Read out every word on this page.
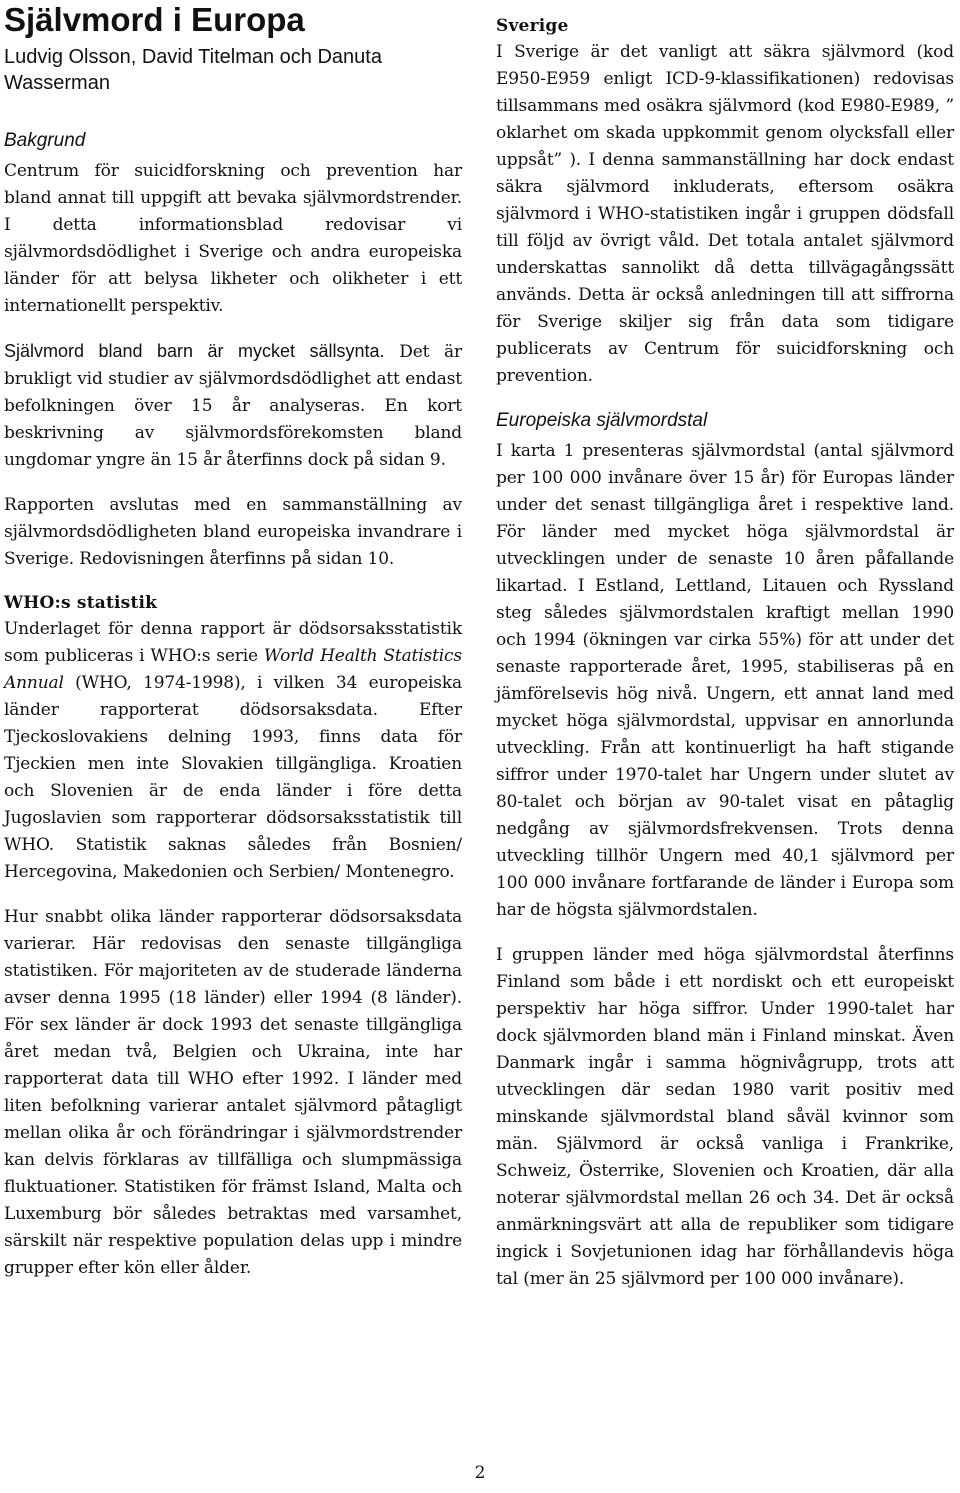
Självmord i Europa
Ludvig Olsson, David Titelman och Danuta Wasserman
Bakgrund

Centrum för suicidforskning och prevention har bland annat till uppgift att bevaka självmordstrender. I detta informationsblad redovisar vi självmordsdödlighet i Sverige och andra europeiska länder för att belysa likheter och olikheter i ett internationellt perspektiv.

Självmord bland barn är mycket sällsynta. Det är brukligt vid studier av självmordsdödlighet att endast befolkningen över 15 år analyseras. En kort beskrivning av självmordsförekomsten bland ungdomar yngre än 15 år återfinns dock på sidan 9.

Rapporten avslutas med en sammanställning av självmordsdödligheten bland europeiska invandrare i Sverige. Redovisningen återfinns på sidan 10.

WHO:s statistik

Underlaget för denna rapport är dödsorsaksstatistik som publiceras i WHO:s serie World Health Statistics Annual (WHO, 1974-1998), i vilken 34 europeiska länder rapporterat dödsorsaksdata. Efter Tjeckoslovakiens delning 1993, finns data för Tjeckien men inte Slovakien tillgängliga. Kroatien och Slovenien är de enda länder i före detta Jugoslavien som rapporterar dödsorsaksstatistik till WHO. Statistik saknas således från Bosnien/ Hercegovina, Makedonien och Serbien/ Montenegro.

Hur snabbt olika länder rapporterar dödsorsaksdata varierar. Här redovisas den senaste tillgängliga statistiken. För majoriteten av de studerade länderna avser denna 1995 (18 länder) eller 1994 (8 länder). För sex länder är dock 1993 det senaste tillgängliga året medan två, Belgien och Ukraina, inte har rapporterat data till WHO efter 1992. I länder med liten befolkning varierar antalet självmord påtagligt mellan olika år och förändringar i självmordstrender kan delvis förklaras av tillfälliga och slumpmässiga fluktuationer. Statistiken för främst Island, Malta och Luxemburg bör således betraktas med varsamhet, särskilt när respektive population delas upp i mindre grupper efter kön eller ålder.

Sverige

I Sverige är det vanligt att säkra självmord (kod E950-E959 enligt ICD-9-klassifikationen) redovisas tillsammans med osäkra självmord (kod E980-E989, ” oklarhet om skada uppkommit genom olycksfall eller uppsåt” ). I denna sammanställning har dock endast säkra självmord inkluderats, eftersom osäkra självmord i WHO-statistiken ingår i gruppen dödsfall till följd av övrigt våld. Det totala antalet självmord underskattas sannolikt då detta tillvägagångssätt används. Detta är också anledningen till att siffrorna för Sverige skiljer sig från data som tidigare publicerats av Centrum för suicidforskning och prevention.

Europeiska självmordstal

I karta 1 presenteras självmordstal (antal självmord per 100 000 invånare över 15 år) för Europas länder under det senast tillgängliga året i respektive land. För länder med mycket höga självmordstal är utvecklingen under de senaste 10 åren påfallande likartad. I Estland, Lettland, Litauen och Ryssland steg således självmordstalen kraftigt mellan 1990 och 1994 (ökningen var cirka 55%) för att under det senaste rapporterade året, 1995, stabiliseras på en jämförelsevis hög nivå. Ungern, ett annat land med mycket höga självmordstal, uppvisar en annorlunda utveckling. Från att kontinuerligt ha haft stigande siffror under 1970-talet har Ungern under slutet av 80-talet och början av 90-talet visat en påtaglig nedgång av självmordsfrekvensen. Trots denna utveckling tillhör Ungern med 40,1 självmord per 100 000 invånare fortfarande de länder i Europa som har de högsta självmordstalen.

I gruppen länder med höga självmordstal återfinns Finland som både i ett nordiskt och ett europeiskt perspektiv har höga siffror. Under 1990-talet har dock självmorden bland män i Finland minskat. Även Danmark ingår i samma högnivågrupp, trots att utvecklingen där sedan 1980 varit positiv med minskande självmordstal bland såväl kvinnor som män. Självmord är också vanliga i Frankrike, Schweiz, Österrike, Slovenien och Kroatien, där alla noterar självmordstal mellan 26 och 34. Det är också anmärkningsvärt att alla de republiker som tidigare ingick i Sovjetunionen idag har förhållandevis höga tal (mer än 25 självmord per 100 000 invånare).

2
